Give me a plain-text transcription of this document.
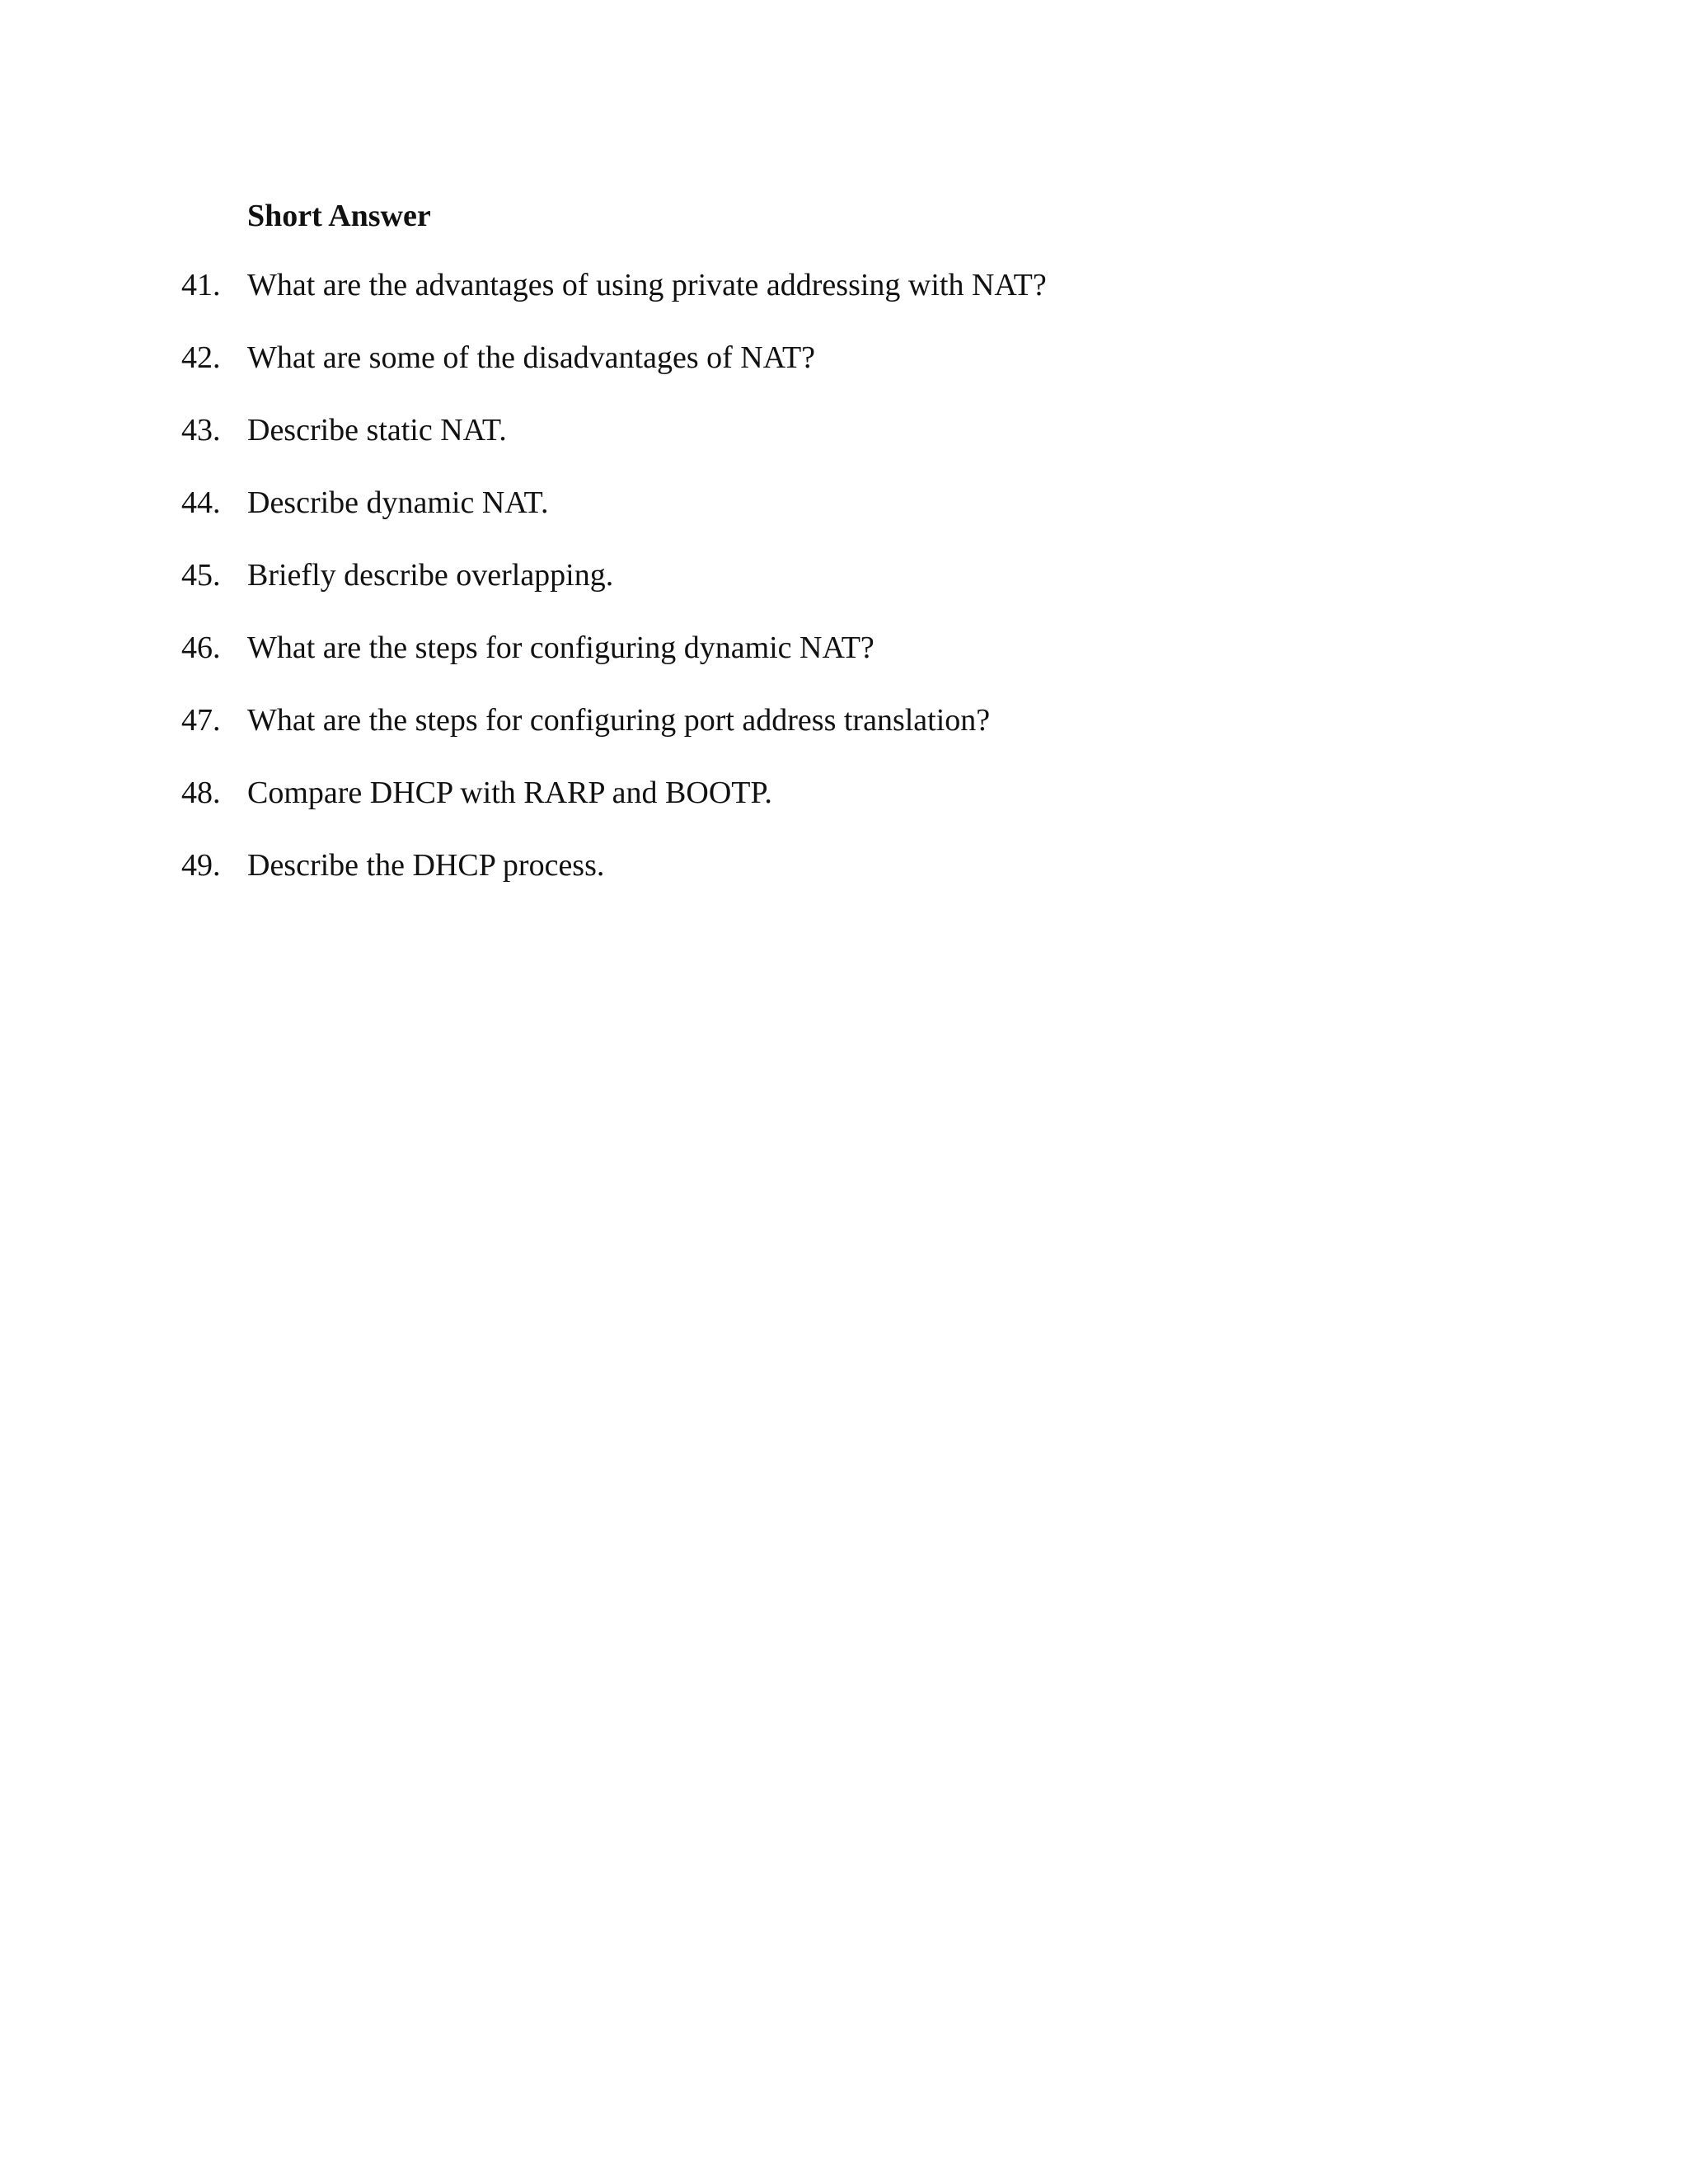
Short Answer
41. What are the advantages of using private addressing with NAT?
42. What are some of the disadvantages of NAT?
43. Describe static NAT.
44. Describe dynamic NAT.
45. Briefly describe overlapping.
46. What are the steps for configuring dynamic NAT?
47. What are the steps for configuring port address translation?
48. Compare DHCP with RARP and BOOTP.
49. Describe the DHCP process.
